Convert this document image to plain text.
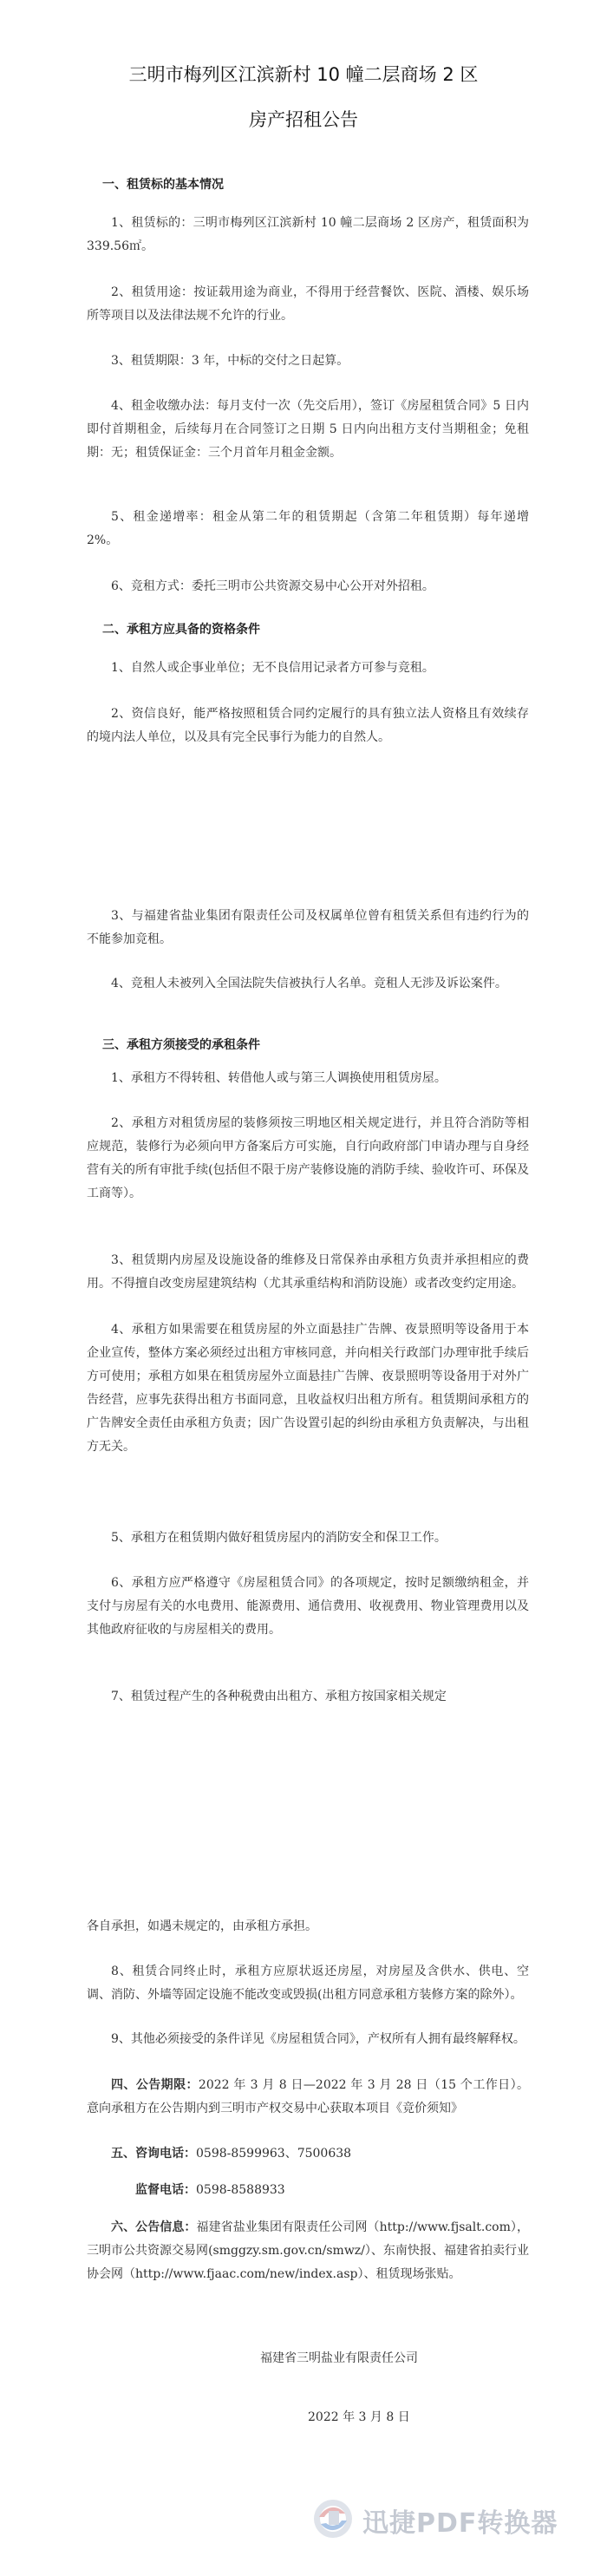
三明市梅列区江滨新村 10 幢二层商场 2 区
房产招租公告
一、租赁标的基本情况
1、租赁标的：三明市梅列区江滨新村 10 幢二层商场 2 区房产，租赁面积为 339.56㎡。
2、租赁用途：按证载用途为商业，不得用于经营餐饮、医院、酒楼、娱乐场所等项目以及法律法规不允许的行业。
3、租赁期限：3 年，中标的交付之日起算。
4、租金收缴办法：每月支付一次（先交后用），签订《房屋租赁合同》5 日内即付首期租金，后续每月在合同签订之日期 5 日内向出租方支付当期租金；免租期：无；租赁保证金：三个月首年月租金金额。
5、租金递增率：租金从第二年的租赁期起（含第二年租赁期）每年递增 2%。
6、竞租方式：委托三明市公共资源交易中心公开对外招租。
二、承租方应具备的资格条件
1、自然人或企事业单位；无不良信用记录者方可参与竞租。
2、资信良好，能严格按照租赁合同约定履行的具有独立法人资格且有效续存的境内法人单位，以及具有完全民事行为能力的自然人。
3、与福建省盐业集团有限责任公司及权属单位曾有租赁关系但有违约行为的不能参加竞租。
4、竞租人未被列入全国法院失信被执行人名单。竞租人无涉及诉讼案件。
三、承租方须接受的承租条件
1、承租方不得转租、转借他人或与第三人调换使用租赁房屋。
2、承租方对租赁房屋的装修须按三明地区相关规定进行，并且符合消防等相应规范，装修行为必须向甲方备案后方可实施，自行向政府部门申请办理与自身经营有关的所有审批手续(包括但不限于房产装修设施的消防手续、验收许可、环保及工商等）。
3、租赁期内房屋及设施设备的维修及日常保养由承租方负责并承担相应的费用。不得擅自改变房屋建筑结构（尤其承重结构和消防设施）或者改变约定用途。
4、承租方如果需要在租赁房屋的外立面悬挂广告牌、夜景照明等设备用于本企业宣传，整体方案必须经过出租方审核同意，并向相关行政部门办理审批手续后方可使用；承租方如果在租赁房屋外立面悬挂广告牌、夜景照明等设备用于对外广告经营，应事先获得出租方书面同意，且收益权归出租方所有。租赁期间承租方的广告牌安全责任由承租方负责；因广告设置引起的纠纷由承租方负责解决，与出租方无关。
5、承租方在租赁期内做好租赁房屋内的消防安全和保卫工作。
6、承租方应严格遵守《房屋租赁合同》的各项规定，按时足额缴纳租金，并支付与房屋有关的水电费用、能源费用、通信费用、收视费用、物业管理费用以及其他政府征收的与房屋相关的费用。
7、租赁过程产生的各种税费由出租方、承租方按国家相关规定
各自承担，如遇未规定的，由承租方承担。
8、租赁合同终止时，承租方应原状返还房屋，对房屋及含供水、供电、空调、消防、外墙等固定设施不能改变或毁损(出租方同意承租方装修方案的除外）。
9、其他必须接受的条件详见《房屋租赁合同》，产权所有人拥有最终解释权。
四、公告期限：2022 年 3 月 8 日—2022 年 3 月 28 日（15 个工作日）。意向承租方在公告期内到三明市产权交易中心获取本项目《竞价须知》
五、咨询电话：0598-8599963、7500638
监督电话：0598-8588933
六、公告信息：福建省盐业集团有限责任公司网（http://www.fjsalt.com），三明市公共资源交易网(smggzy.sm.gov.cn/smwz/）、东南快报、福建省拍卖行业协会网（http://www.fjaac.com/new/index.asp）、租赁现场张贴。
福建省三明盐业有限责任公司
2022 年 3 月 8 日
迅捷PDF转换器
